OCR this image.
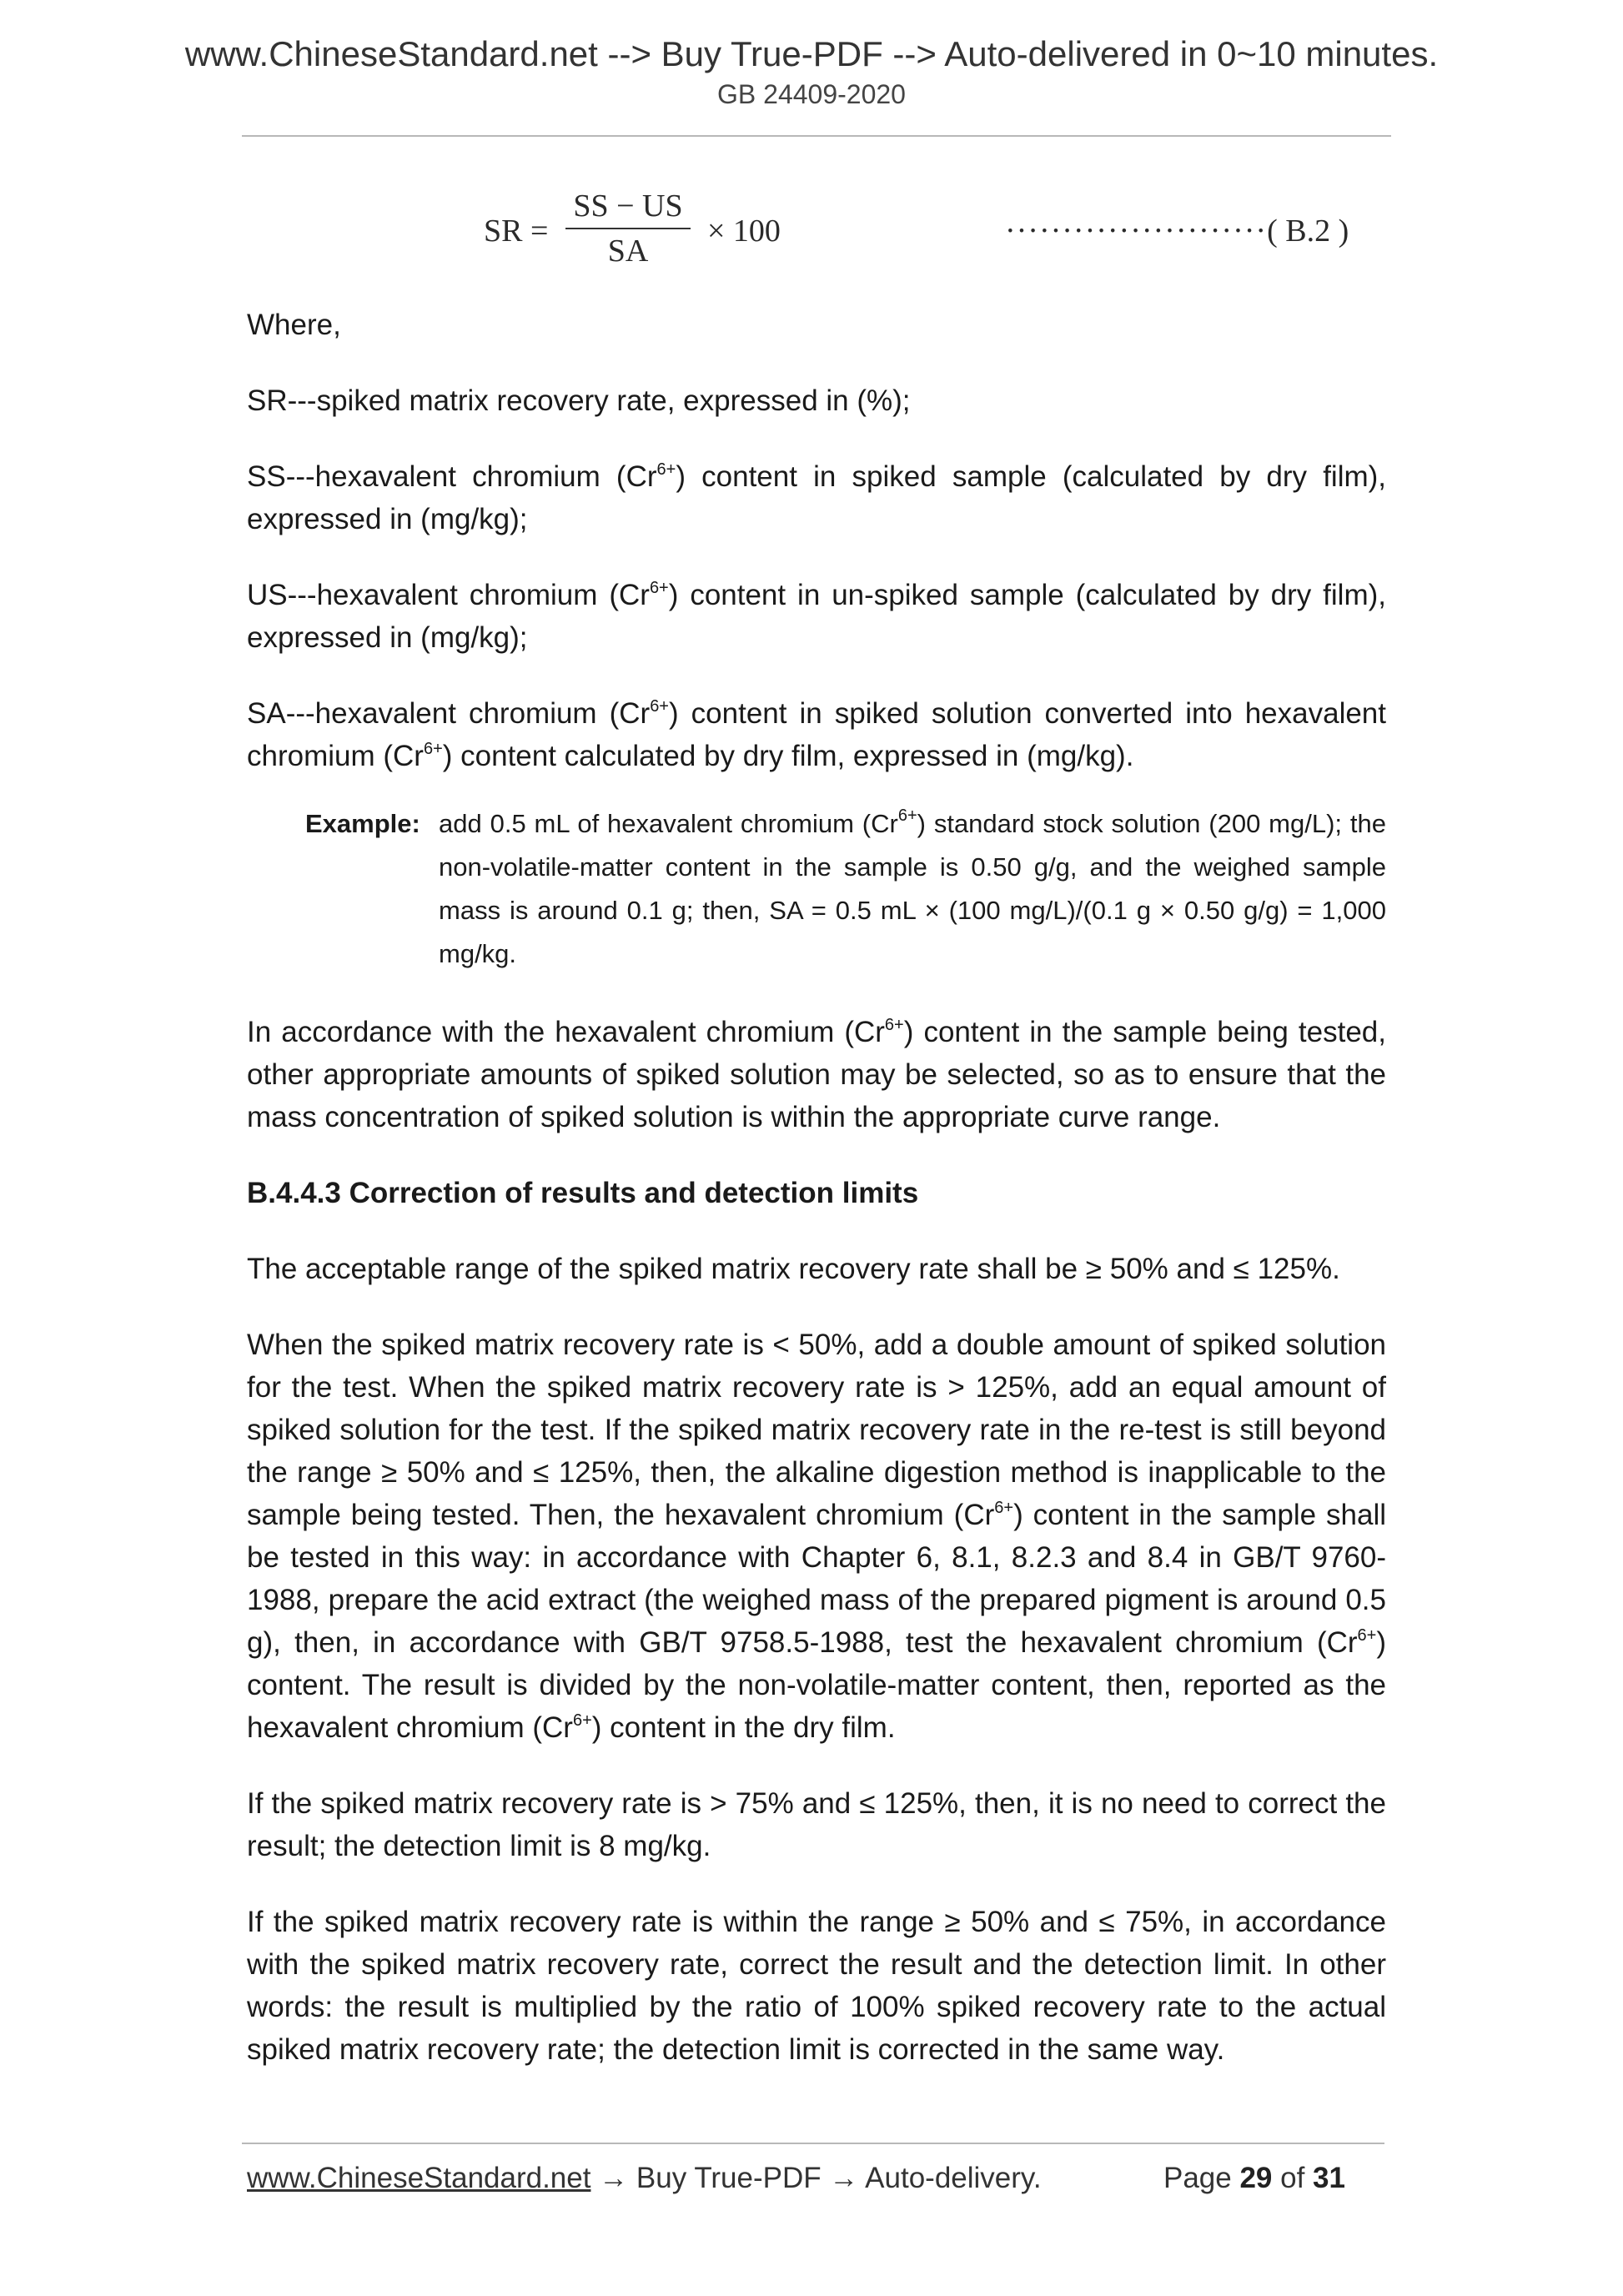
www.ChineseStandard.net --> Buy True-PDF --> Auto-delivered in 0~10 minutes.
GB 24409-2020
SR = $\frac{SS - US}{SA} \times 100$	·······················( B.2 )

Where,

SR---spiked matrix recovery rate, expressed in (%);

SS---hexavalent chromium $(Cr^{6+})$ content in spiked sample (calculated by dry film), expressed in (mg/kg);

US---hexavalent chromium $(Cr^{6+})$ content in un-spiked sample (calculated by dry film), expressed in (mg/kg);

SA---hexavalent chromium $(Cr^{6+})$ content in spiked solution converted into hexavalent chromium $(Cr^{6+})$ content calculated by dry film, expressed in (mg/kg).

Example: add 0.5 mL of hexavalent chromium $(Cr^{6+})$ standard stock solution (200 mg/L); the non-volatile-matter content in the sample is 0.50 g/g, and the weighed sample mass is around 0.1 g; then, SA = 0.5 mL × (100 mg/L)/(0.1 g × 0.50 g/g) = 1,000 mg/kg.

In accordance with the hexavalent chromium $(Cr^{6+})$ content in the sample being tested, other appropriate amounts of spiked solution may be selected, so as to ensure that the mass concentration of spiked solution is within the appropriate curve range.

B.4.4.3 Correction of results and detection limits

The acceptable range of the spiked matrix recovery rate shall be ≥ 50% and ≤ 125%.

When the spiked matrix recovery rate is < 50%, add a double amount of spiked solution for the test. When the spiked matrix recovery rate is > 125%, add an equal amount of spiked solution for the test. If the spiked matrix recovery rate in the re-test is still beyond the range ≥ 50% and ≤ 125%, then, the alkaline digestion method is inapplicable to the sample being tested. Then, the hexavalent chromium $(Cr^{6+})$ content in the sample shall be tested in this way: in accordance with Chapter 6, 8.1, 8.2.3 and 8.4 in GB/T 9760-1988, prepare the acid extract (the weighed mass of the prepared pigment is around 0.5 g), then, in accordance with GB/T 9758.5-1988, test the hexavalent chromium $(Cr^{6+})$ content. The result is divided by the non-volatile-matter content, then, reported as the hexavalent chromium $(Cr^{6+})$ content in the dry film.

If the spiked matrix recovery rate is > 75% and ≤ 125%, then, it is no need to correct the result; the detection limit is 8 mg/kg.

If the spiked matrix recovery rate is within the range ≥ 50% and ≤ 75%, in accordance with the spiked matrix recovery rate, correct the result and the detection limit. In other words: the result is multiplied by the ratio of 100% spiked recovery rate to the actual spiked matrix recovery rate; the detection limit is corrected in the same way.

www.ChineseStandard.net → Buy True-PDF → Auto-delivery.	Page 29 of 31
